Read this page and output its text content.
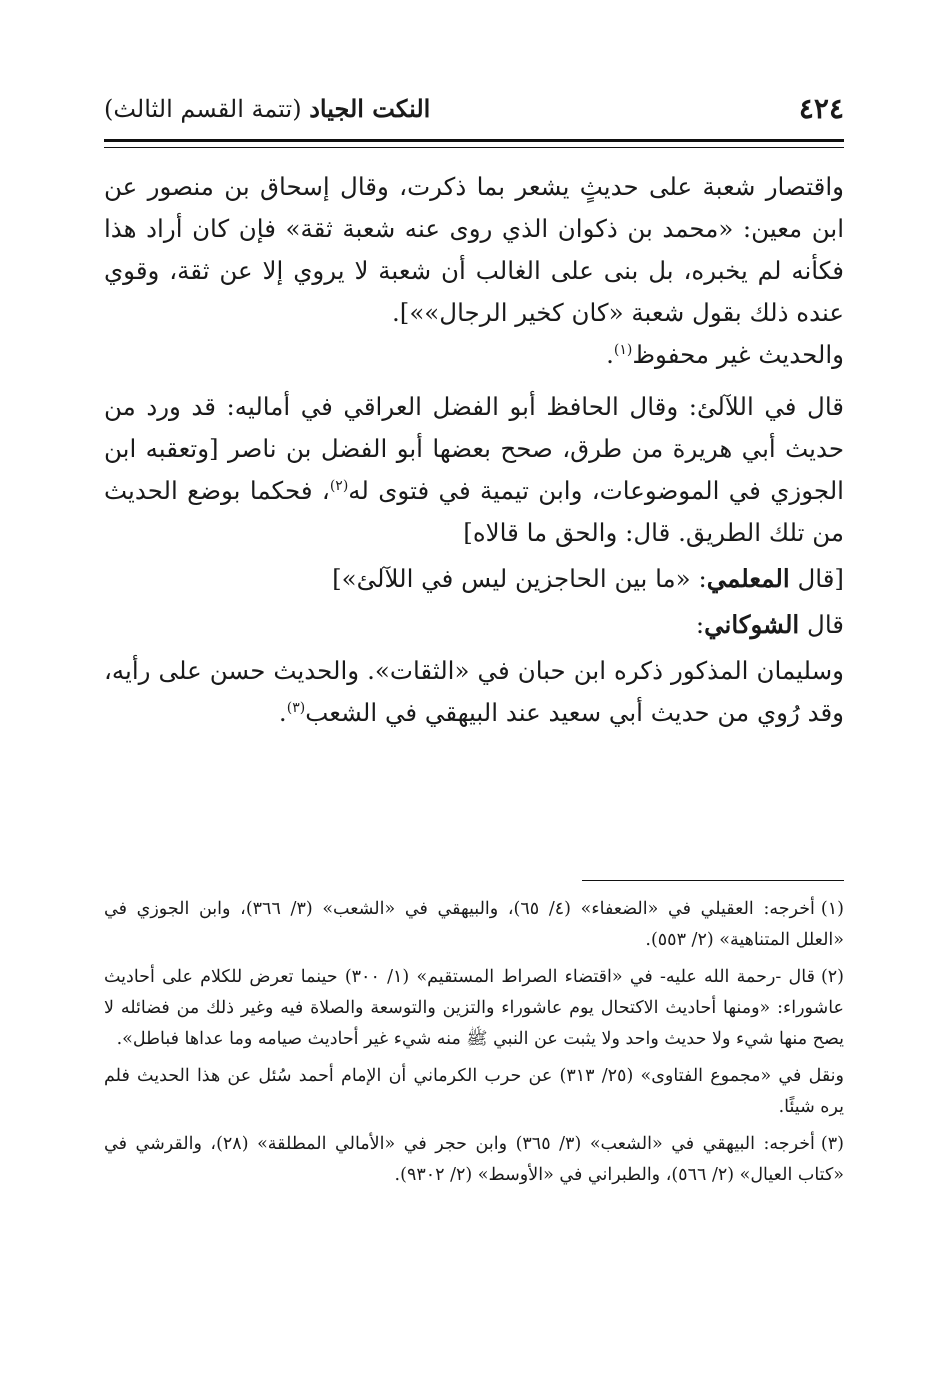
٤٢٤
النكت الجياد (تتمة القسم الثالث)

واقتصار شعبة على حديثٍ يشعر بما ذكرت، وقال إسحاق بن منصور عن ابن معين: «محمد بن ذكوان الذي روى عنه شعبة ثقة» فإن كان أراد هذا فكأنه لم يخبره، بل بنى على الغالب أن شعبة لا يروي إلا عن ثقة، وقوي عنده ذلك بقول شعبة «كان كخير الرجال»»].

والحديث غير محفوظ$^{(١)}$.

قال في اللآلئ: وقال الحافظ أبو الفضل العراقي في أماليه: قد ورد من حديث أبي هريرة من طرق، صحح بعضها أبو الفضل بن ناصر [وتعقبه ابن الجوزي في الموضوعات، وابن تيمية في فتوى له$^{(٢)}$، فحكما بوضع الحديث من تلك الطريق. قال: والحق ما قالاه]

[قال المعلمي: «ما بين الحاجزين ليس في اللآلئ»]

قال الشوكاني:

وسليمان المذكور ذكره ابن حبان في «الثقات». والحديث حسن على رأيه، وقد رُوي من حديث أبي سعيد عند البيهقي في الشعب$^{(٣)}$.

(١)أخرجه: العقيلي في «الضعفاء» (٤/ ٦٥)، والبيهقي في «الشعب» (٣/ ٣٦٦)، وابن الجوزي في «العلل المتناهية» (٢/ ٥٥٣).

(٢)قال -رحمة الله عليه- في «اقتضاء الصراط المستقيم» (١/ ٣٠٠) حينما تعرض للكلام على أحاديث عاشوراء: «ومنها أحاديث الاكتحال يوم عاشوراء والتزين والتوسعة والصلاة فيه وغير ذلك من فضائله لا يصح منها شيء ولا حديث واحد ولا يثبت عن النبي ﷺ منه شيء غير أحاديث صيامه وما عداها فباطل».

ونقل في «مجموع الفتاوى» (٢٥/ ٣١٣) عن حرب الكرماني أن الإمام أحمد سُئل عن هذا الحديث فلم يره شيئًا.

(٣)أخرجه: البيهقي في «الشعب» (٣/ ٣٦٥) وابن حجر في «الأمالي المطلقة» (٢٨)، والقرشي في «كتاب العيال» (٢/ ٥٦٦)، والطبراني في «الأوسط» (٢/ ٩٣٠٢).
